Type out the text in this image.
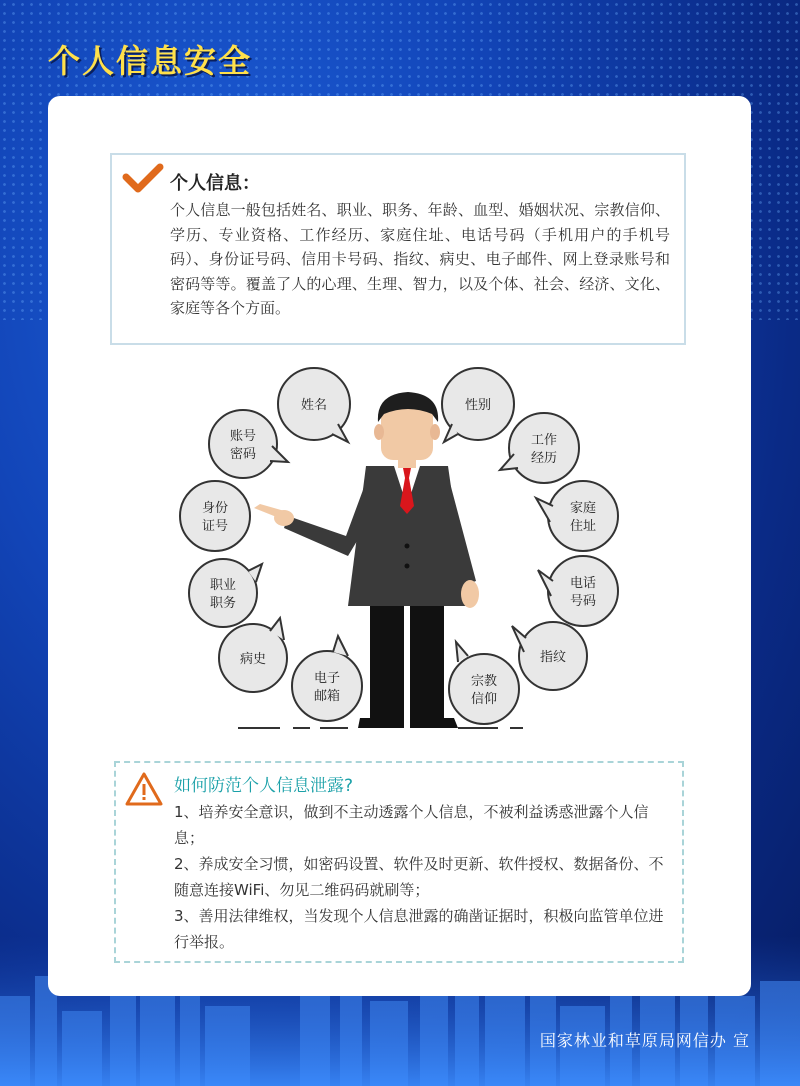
个人信息安全
个人信息：
个人信息一般包括姓名、职业、职务、年龄、血型、婚姻状况、宗教信仰、学历、专业资格、工作经历、家庭住址、电话号码（手机用户的手机号码）、身份证号码、信用卡号码、指纹、病史、电子邮件、网上登录账号和密码等等。覆盖了人的心理、生理、智力，以及个体、社会、经济、文化、家庭等各个方面。
姓名	性别
账号
密码
工作
经历
身份
证号
家庭
住址
职业
职务
电话
号码
病史	指纹
电子
邮箱
宗教
信仰
如何防范个人信息泄露?

1、培养安全意识，做到不主动透露个人信息，不被利益诱惑泄露个人信息；

2、养成安全习惯，如密码设置、软件及时更新、软件授权、数据备份、不随意连接WiFi、勿见二维码码就刷等；

3、善用法律维权，当发现个人信息泄露的确凿证据时，积极向监管单位进行举报。

国家林业和草原局网信办 宣
